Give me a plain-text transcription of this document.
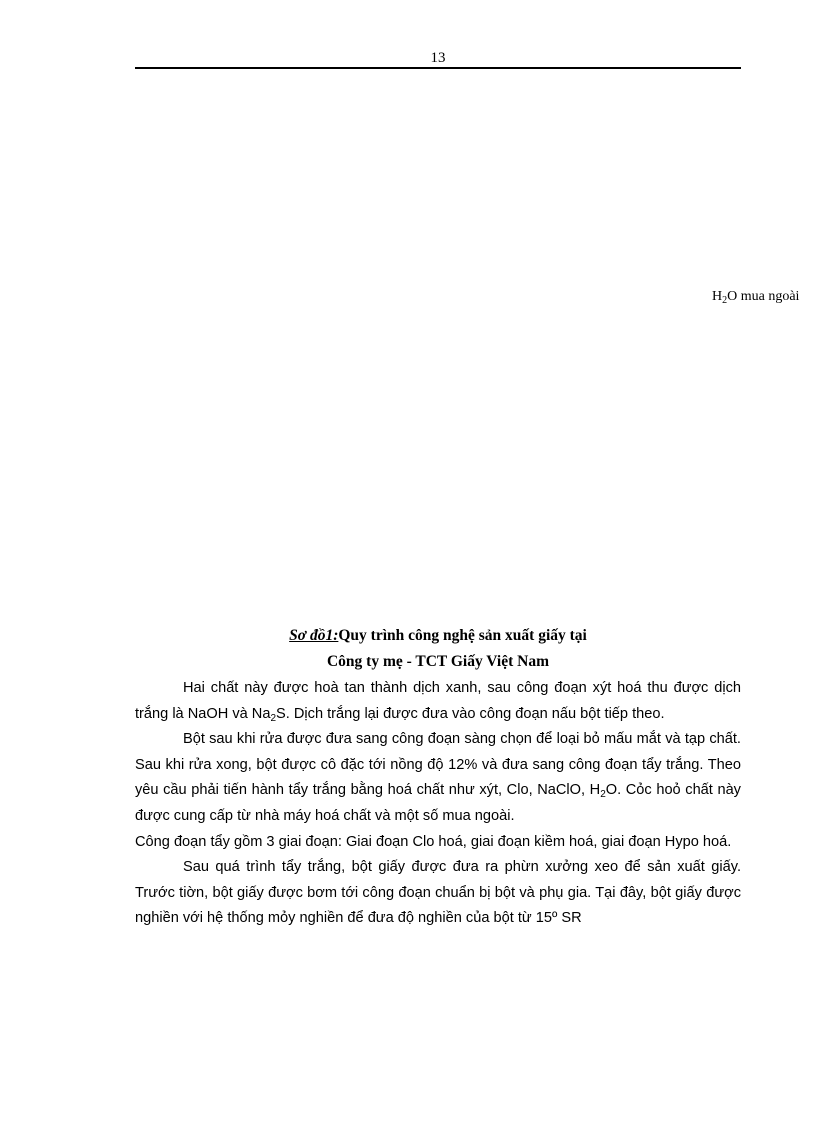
13
$H_2O$ mua ngoài
Sơ đồ1:Quy trình công nghệ sản xuất giấy tại
Công ty mẹ - TCT Giấy Việt Nam

Hai chất này được hoà tan thành dịch xanh, sau công đoạn xýt hoá thu được dịch trắng là NaOH và $Na_2S$. Dịch trắng lại được đưa vào công đoạn nấu bột tiếp theo.

Bột sau khi rửa được đưa sang công đoạn sàng chọn để loại bỏ mấu mắt và tạp chất. Sau khi rửa xong, bột được cô đặc tới nồng độ 12% và đưa sang công đoạn tẩy trắng. Theo yêu cầu phải tiến hành tẩy trắng bằng hoá chất như xýt, Clo, NaClO, $H_2O$. Cỏc hoỏ chất này được cung cấp từ nhà máy hoá chất và một số mua ngoài.

Công đoạn tẩy gồm 3 giai đoạn: Giai đoạn Clo hoá, giai đoạn kiềm hoá, giai đoạn Hypo hoá.

Sau quá trình tẩy trắng, bột giấy được đưa ra phừn xưởng xeo để sản xuất giấy. Trước tiờn, bột giấy được bơm tới công đoạn chuẩn bị bột và phụ gia. Tại đây, bột giấy được nghiền với hệ thống mỏy nghiền để đưa độ nghiền của bột từ 15º SR
